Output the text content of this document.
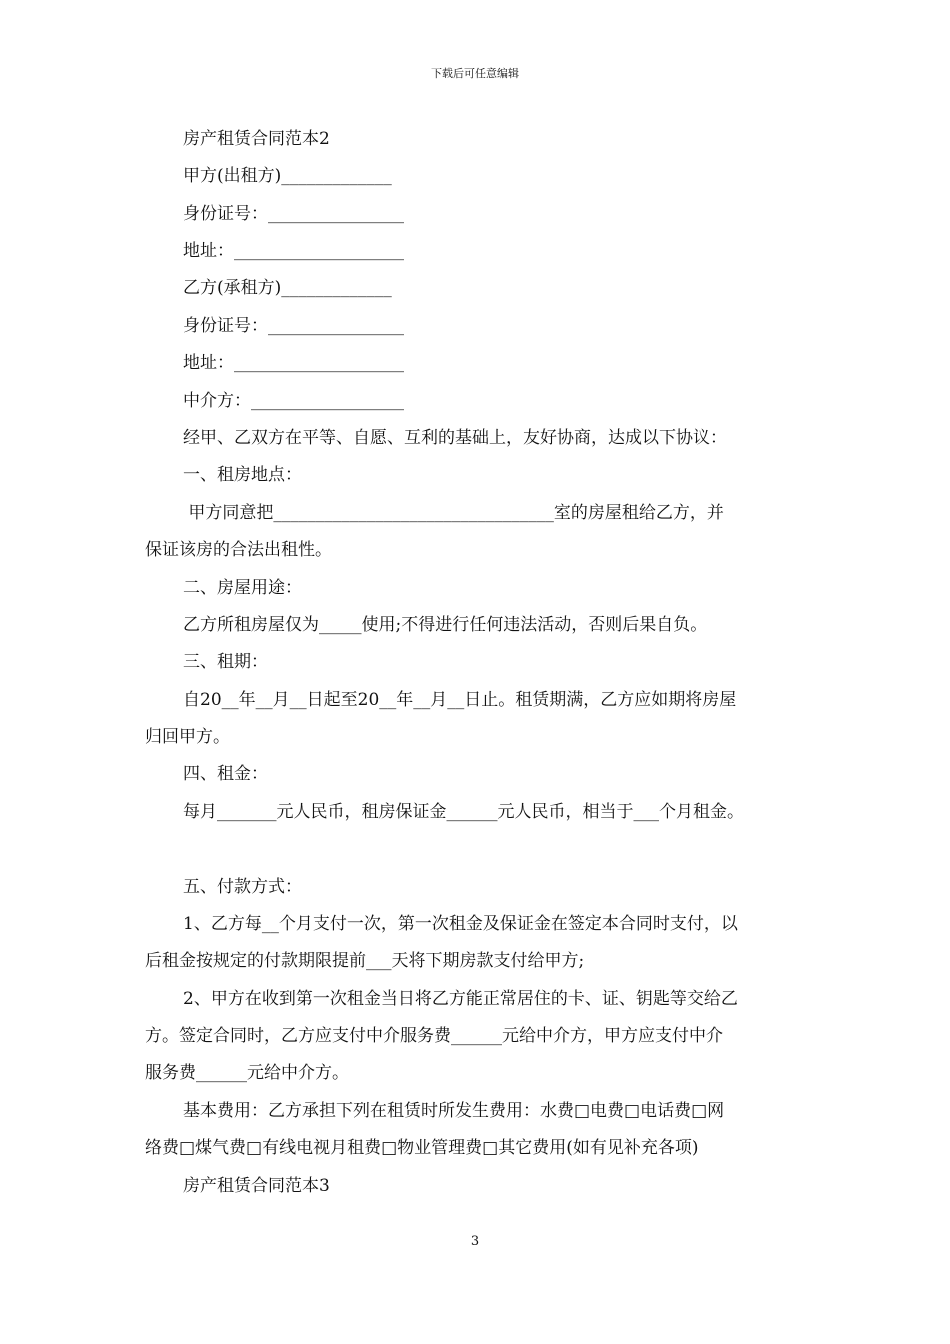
下载后可任意编辑
房产租赁合同范本2
甲方(出租方)_____________
身份证号：________________
地址：____________________
乙方(承租方)_____________
身份证号：________________
地址：____________________
中介方：__________________
经甲、乙双方在平等、自愿、互利的基础上，友好协商，达成以下协议：
一、租房地点：
甲方同意把_________________________________室的房屋租给乙方，并
保证该房的合法出租性。
二、房屋用途：
乙方所租房屋仅为_____使用;不得进行任何违法活动，否则后果自负。
三、租期：
自20__年__月__日起至20__年__月__日止。租赁期满，乙方应如期将房屋
归回甲方。
四、租金：
每月_______元人民币，租房保证金______元人民币，相当于___个月租金。
五、付款方式：
1、乙方每__个月支付一次，第一次租金及保证金在签定本合同时支付，以
后租金按规定的付款期限提前___天将下期房款支付给甲方;
2、甲方在收到第一次租金当日将乙方能正常居住的卡、证、钥匙等交给乙
方。签定合同时，乙方应支付中介服务费______元给中介方，甲方应支付中介
服务费______元给中介方。
基本费用：乙方承担下列在租赁时所发生费用：水费□电费□电话费□网
络费□煤气费□有线电视月租费□物业管理费□其它费用(如有见补充各项)
房产租赁合同范本3
3
